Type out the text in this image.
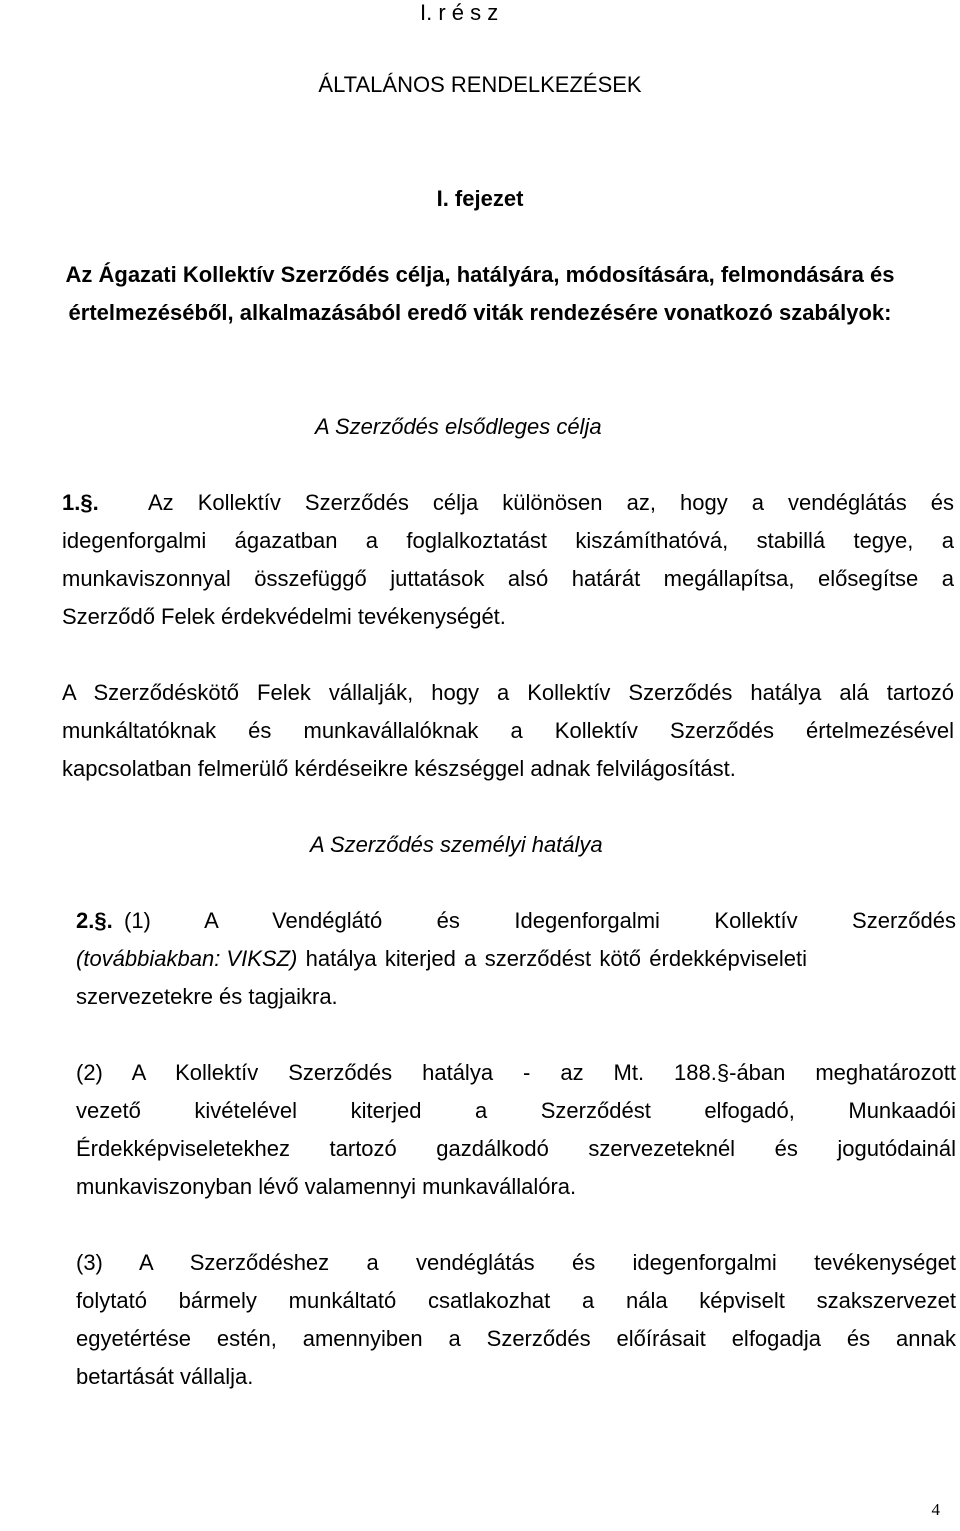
I. r é s z

ÁLTALÁNOS RENDELKEZÉSEK

I. fejezet

Az Ágazati Kollektív Szerződés célja, hatályára, módosítására, felmondására és

értelmezéséből, alkalmazásából eredő viták rendezésére vonatkozó szabályok:

A Szerződés elsődleges célja

1.§. Az Kollektív Szerződés célja különösen az, hogy a vendéglátás és

idegenforgalmi ágazatban a foglalkoztatást kiszámíthatóvá, stabillá tegye, a

munkaviszonnyal összefüggő juttatások alsó határát megállapítsa, elősegítse a

Szerződő Felek érdekvédelmi tevékenységét.

A Szerződéskötő Felek vállalják, hogy a Kollektív Szerződés hatálya alá tartozó

munkáltatóknak és munkavállalóknak a Kollektív Szerződés értelmezésével

kapcsolatban felmerülő kérdéseikre készséggel adnak felvilágosítást.

A Szerződés személyi hatálya

2.§. (1) A Vendéglátó és Idegenforgalmi Kollektív Szerződés

(továbbiakban: VIKSZ) hatálya kiterjed a szerződést kötő érdekképviseleti

szervezetekre és tagjaikra.

(2) A Kollektív Szerződés hatálya - az Mt. 188.§-ában meghatározott

vezető kivételével kiterjed a Szerződést elfogadó, Munkaadói

Érdekképviseletekhez tartozó gazdálkodó szervezeteknél és jogutódainál

munkaviszonyban lévő valamennyi munkavállalóra.

(3) A Szerződéshez a vendéglátás és idegenforgalmi tevékenységet

folytató bármely munkáltató csatlakozhat a nála képviselt szakszervezet

egyetértése estén, amennyiben a Szerződés előírásait elfogadja és annak

betartását vállalja.

4
